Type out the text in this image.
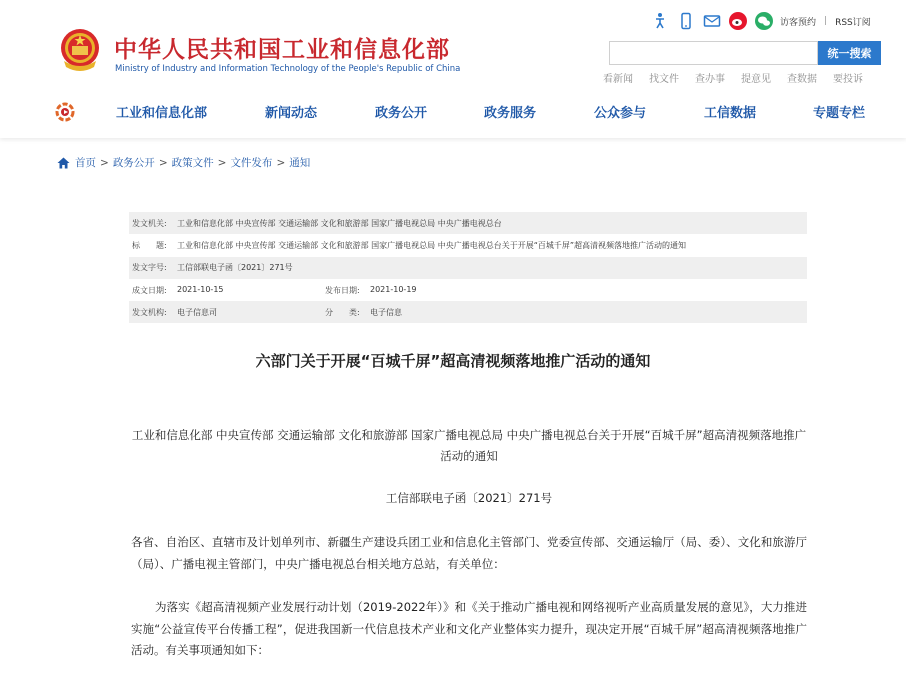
中华人民共和国工业和信息化部
Ministry of Industry and Information Technology of the People's Republic of China
访客预约 | RSS订阅
统一搜索
看新闻 找文件 查办事 提意见 查数据 要投诉
工业和信息化部	新闻动态	政务公开	政务服务	公众参与	工信数据	专题专栏
首页 > 政务公开 > 政策文件 > 文件发布 > 通知
发文机关:	工业和信息化部 中央宣传部 交通运输部 文化和旅游部 国家广播电视总局 中央广播电视总台
标　　题:	工业和信息化部 中央宣传部 交通运输部 文化和旅游部 国家广播电视总局 中央广播电视总台关于开展“百城千屏”超高清视频落地推广活动的通知
发文字号:	工信部联电子函〔2021〕271号
成文日期:	2021-10-15	发布日期:	2021-10-19
发文机构:	电子信息司	分　　类:	电子信息
六部门关于开展“百城千屏”超高清视频落地推广活动的通知
工业和信息化部 中央宣传部 交通运输部 文化和旅游部 国家广播电视总局 中央广播电视总台关于开展“百城千屏”超高清视频落地推广活动的通知
工信部联电子函〔2021〕271号
各省、自治区、直辖市及计划单列市、新疆生产建设兵团工业和信息化主管部门、党委宣传部、交通运输厅（局、委）、文化和旅游厅（局）、广播电视主管部门，中央广播电视总台相关地方总站，有关单位：
为落实《超高清视频产业发展行动计划（2019-2022年）》和《关于推动广播电视和网络视听产业高质量发展的意见》，大力推进实施“公益宣传平台传播工程”，促进我国新一代信息技术产业和文化产业整体实力提升，现决定开展“百城千屏”超高清视频落地推广活动。有关事项通知如下：
